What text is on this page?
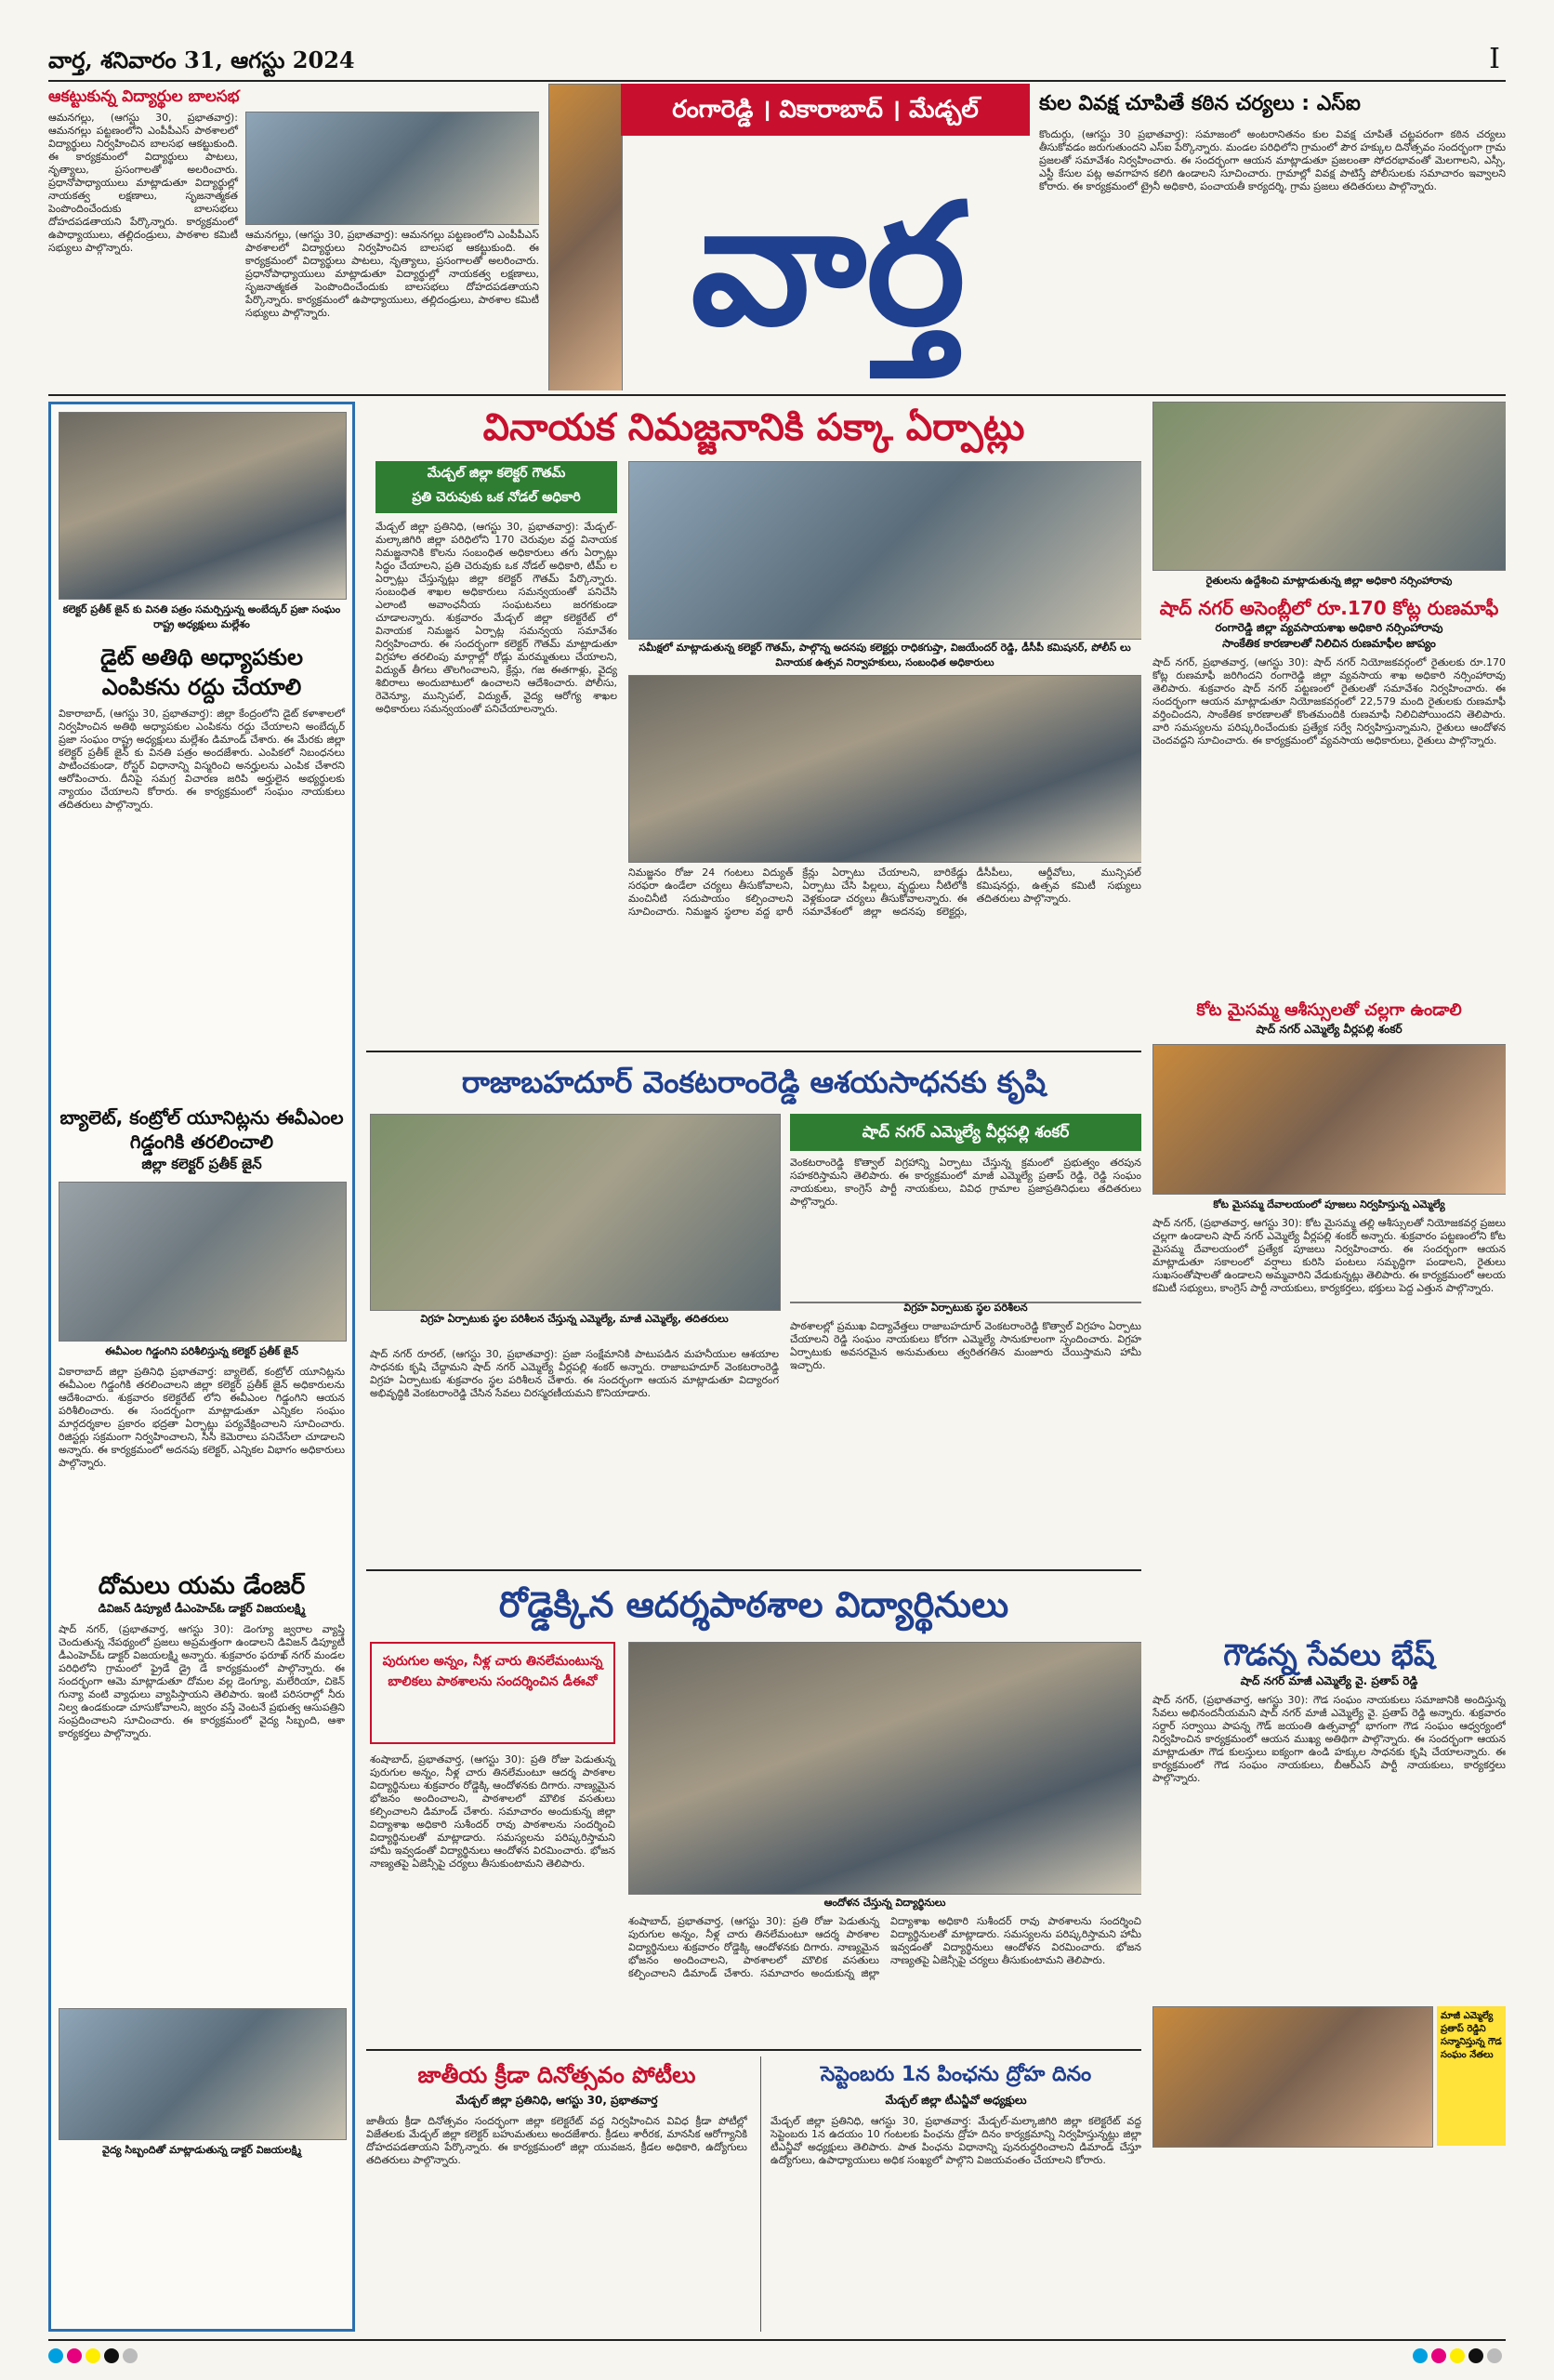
వార్త, శనివారం 31, ఆగస్టు 2024	I
ఆకట్టుకున్న విద్యార్థుల బాలసభ
ఆమనగల్లు, (ఆగస్టు 30, ప్రభాతవార్త): ఆమనగల్లు పట్టణంలోని ఎంపీపీఎస్ పాఠశాలలో విద్యార్థులు నిర్వహించిన బాలసభ ఆకట్టుకుంది. ఈ కార్యక్రమంలో విద్యార్థులు పాటలు, నృత్యాలు, ప్రసంగాలతో అలరించారు. ప్రధానోపాధ్యాయులు మాట్లాడుతూ విద్యార్థుల్లో నాయకత్వ లక్షణాలు, సృజనాత్మకత పెంపొందించేందుకు బాలసభలు దోహదపడతాయని పేర్కొన్నారు. కార్యక్రమంలో ఉపాధ్యాయులు, తల్లిదండ్రులు, పాఠశాల కమిటీ సభ్యులు పాల్గొన్నారు.
ఆమనగల్లు, (ఆగస్టు 30, ప్రభాతవార్త): ఆమనగల్లు పట్టణంలోని ఎంపీపీఎస్ పాఠశాలలో విద్యార్థులు నిర్వహించిన బాలసభ ఆకట్టుకుంది. ఈ కార్యక్రమంలో విద్యార్థులు పాటలు, నృత్యాలు, ప్రసంగాలతో అలరించారు. ప్రధానోపాధ్యాయులు మాట్లాడుతూ విద్యార్థుల్లో నాయకత్వ లక్షణాలు, సృజనాత్మకత పెంపొందించేందుకు బాలసభలు దోహదపడతాయని పేర్కొన్నారు. కార్యక్రమంలో ఉపాధ్యాయులు, తల్లిదండ్రులు, పాఠశాల కమిటీ సభ్యులు పాల్గొన్నారు.
రంగారెడ్డి । వికారాబాద్ । మేడ్చల్
వార్త
కుల వివక్ష చూపితే కఠిన చర్యలు : ఎస్ఐ
కొందుర్గు, (ఆగస్టు 30 ప్రభాతవార్త): సమాజంలో అంటరానితనం కుల వివక్ష చూపితే చట్టపరంగా కఠిన చర్యలు తీసుకోవడం జరుగుతుందని ఎస్ఐ పేర్కొన్నారు. మండల పరిధిలోని గ్రామంలో పౌర హక్కుల దినోత్సవం సందర్భంగా గ్రామ ప్రజలతో సమావేశం నిర్వహించారు. ఈ సందర్భంగా ఆయన మాట్లాడుతూ ప్రజలంతా సోదరభావంతో మెలగాలని, ఎస్సీ, ఎస్టీ కేసుల పట్ల అవగాహన కలిగి ఉండాలని సూచించారు. గ్రామాల్లో వివక్ష పాటిస్తే పోలీసులకు సమాచారం ఇవ్వాలని కోరారు. ఈ కార్యక్రమంలో ట్రైనీ అధికారి, పంచాయతీ కార్యదర్శి, గ్రామ ప్రజలు తదితరులు పాల్గొన్నారు.
కలెక్టర్ ప్రతీక్ జైన్ కు వినతి పత్రం సమర్పిస్తున్న అంబేద్కర్ ప్రజా సంఘం రాష్ట్ర అధ్యక్షులు మల్లేశం
డైట్ అతిథి అధ్యాపకుల ఎంపికను రద్దు చేయాలి
వికారాబాద్, (ఆగస్టు 30, ప్రభాతవార్త): జిల్లా కేంద్రంలోని డైట్ కళాశాలలో నిర్వహించిన అతిథి అధ్యాపకుల ఎంపికను రద్దు చేయాలని అంబేద్కర్ ప్రజా సంఘం రాష్ట్ర అధ్యక్షులు మల్లేశం డిమాండ్ చేశారు. ఈ మేరకు జిల్లా కలెక్టర్ ప్రతీక్ జైన్ కు వినతి పత్రం అందజేశారు. ఎంపికలో నిబంధనలు పాటించకుండా, రోస్టర్ విధానాన్ని విస్మరించి అనర్హులను ఎంపిక చేశారని ఆరోపించారు. దీనిపై సమగ్ర విచారణ జరిపి అర్హులైన అభ్యర్థులకు న్యాయం చేయాలని కోరారు. ఈ కార్యక్రమంలో సంఘం నాయకులు తదితరులు పాల్గొన్నారు.
బ్యాలెట్, కంట్రోల్ యూనిట్లను ఈవీఎంల గిడ్డంగికి తరలించాలి
జిల్లా కలెక్టర్ ప్రతీక్ జైన్
ఈవీఎంల గిడ్డంగిని పరిశీలిస్తున్న కలెక్టర్ ప్రతీక్ జైన్
వికారాబాద్ జిల్లా ప్రతినిధి ప్రభాతవార్త: బ్యాలెట్, కంట్రోల్ యూనిట్లను ఈవీఎంల గిడ్డంగికి తరలించాలని జిల్లా కలెక్టర్ ప్రతీక్ జైన్ అధికారులను ఆదేశించారు. శుక్రవారం కలెక్టరేట్ లోని ఈవీఎంల గిడ్డంగిని ఆయన పరిశీలించారు. ఈ సందర్భంగా మాట్లాడుతూ ఎన్నికల సంఘం మార్గదర్శకాల ప్రకారం భద్రతా ఏర్పాట్లు పర్యవేక్షించాలని సూచించారు. రిజిస్టర్లు సక్రమంగా నిర్వహించాలని, సీసీ కెమెరాలు పనిచేసేలా చూడాలని అన్నారు. ఈ కార్యక్రమంలో అదనపు కలెక్టర్, ఎన్నికల విభాగం అధికారులు పాల్గొన్నారు.
దోమలు యమ డేంజర్
డివిజన్ డిప్యూటీ డీఎంహెచ్ఓ డాక్టర్ విజయలక్ష్మి
షాద్ నగర్, (ప్రభాతవార్త, ఆగస్టు 30): డెంగ్యూ జ్వరాల వ్యాప్తి చెందుతున్న నేపథ్యంలో ప్రజలు అప్రమత్తంగా ఉండాలని డివిజన్ డిప్యూటీ డీఎంహెచ్ఓ డాక్టర్ విజయలక్ష్మి అన్నారు. శుక్రవారం ఫరూఖ్ నగర్ మండల పరిధిలోని గ్రామంలో ఫ్రైడే డ్రై డే కార్యక్రమంలో పాల్గొన్నారు. ఈ సందర్భంగా ఆమె మాట్లాడుతూ దోమల వల్ల డెంగ్యూ, మలేరియా, చికెన్ గున్యా వంటి వ్యాధులు వ్యాపిస్తాయని తెలిపారు. ఇంటి పరిసరాల్లో నీరు నిల్వ ఉండకుండా చూసుకోవాలని, జ్వరం వస్తే వెంటనే ప్రభుత్వ ఆసుపత్రిని సంప్రదించాలని సూచించారు. ఈ కార్యక్రమంలో వైద్య సిబ్బంది, ఆశా కార్యకర్తలు పాల్గొన్నారు.
వైద్య సిబ్బందితో మాట్లాడుతున్న డాక్టర్ విజయలక్ష్మి
వినాయక నిమజ్జనానికి పక్కా ఏర్పాట్లు
మేడ్చల్ జిల్లా కలెక్టర్ గౌతమ్
ప్రతి చెరువుకు ఒక నోడల్ అధికారి
సమీక్షలో మాట్లాడుతున్న కలెక్టర్ గౌతమ్, పాల్గొన్న అదనపు కలెక్టర్లు రాధికగుప్తా, విజయేందర్ రెడ్డి, డీసీపీ కమిషనర్, పోలీస్ లు వినాయక ఉత్సవ నిర్వాహకులు, సంబంధిత అధికారులు
మేడ్చల్ జిల్లా ప్రతినిధి, (ఆగస్టు 30, ప్రభాతవార్త): మేడ్చల్-మల్కాజిగిరి జిల్లా పరిధిలోని 170 చెరువుల వద్ద వినాయక నిమజ్జనానికి కొలను సంబంధిత అధికారులు తగు ఏర్పాట్లు సిద్ధం చేయాలని, ప్రతి చెరువుకు ఒక నోడల్ అధికారి, టీమ్ ల ఏర్పాట్లు చేస్తున్నట్లు జిల్లా కలెక్టర్ గౌతమ్ పేర్కొన్నారు. సంబంధిత శాఖల అధికారులు సమన్వయంతో పనిచేసి ఎలాంటి అవాంఛనీయ సంఘటనలు జరగకుండా చూడాలన్నారు. శుక్రవారం మేడ్చల్ జిల్లా కలెక్టరేట్ లో వినాయక నిమజ్జన ఏర్పాట్ల సమన్వయ సమావేశం నిర్వహించారు. ఈ సందర్భంగా కలెక్టర్ గౌతమ్ మాట్లాడుతూ విగ్రహాల తరలింపు మార్గాల్లో రోడ్లు మరమ్మతులు చేయాలని, విద్యుత్ తీగలు తొలగించాలని, క్రేన్లు, గజ ఈతగాళ్లు, వైద్య శిబిరాలు అందుబాటులో ఉంచాలని ఆదేశించారు. పోలీసు, రెవెన్యూ, మున్సిపల్, విద్యుత్, వైద్య ఆరోగ్య శాఖల అధికారులు సమన్వయంతో పనిచేయాలన్నారు.
నిమజ్జనం రోజు 24 గంటలు విద్యుత్ సరఫరా ఉండేలా చర్యలు తీసుకోవాలని, మంచినీటి సదుపాయం కల్పించాలని సూచించారు. నిమజ్జన స్థలాల వద్ద భారీ క్రేన్లు ఏర్పాటు చేయాలని, బారికేడ్లు ఏర్పాటు చేసి పిల్లలు, వృద్ధులు నీటిలోకి వెళ్లకుండా చర్యలు తీసుకోవాలన్నారు. ఈ సమావేశంలో జిల్లా అదనపు కలెక్టర్లు, డీసీపీలు, ఆర్డీవోలు, మున్సిపల్ కమిషనర్లు, ఉత్సవ కమిటీ సభ్యులు తదితరులు పాల్గొన్నారు.
రైతులను ఉద్దేశించి మాట్లాడుతున్న జిల్లా అధికారి నర్సింహారావు
షాద్ నగర్ అసెంబ్లీలో రూ.170 కోట్ల రుణమాఫీ
రంగారెడ్డి జిల్లా వ్యవసాయశాఖ అధికారి నర్సింహారావు
సాంకేతిక కారణాలతో నిలిచిన రుణమాఫీల జాప్యం
షాద్ నగర్, ప్రభాతవార్త, (ఆగస్టు 30): షాద్ నగర్ నియోజకవర్గంలో రైతులకు రూ.170 కోట్ల రుణమాఫీ జరిగిందని రంగారెడ్డి జిల్లా వ్యవసాయ శాఖ అధికారి నర్సింహారావు తెలిపారు. శుక్రవారం షాద్ నగర్ పట్టణంలో రైతులతో సమావేశం నిర్వహించారు. ఈ సందర్భంగా ఆయన మాట్లాడుతూ నియోజకవర్గంలో 22,579 మంది రైతులకు రుణమాఫీ వర్తించిందని, సాంకేతిక కారణాలతో కొంతమందికి రుణమాఫీ నిలిచిపోయిందని తెలిపారు. వారి సమస్యలను పరిష్కరించేందుకు ప్రత్యేక సర్వే నిర్వహిస్తున్నామని, రైతులు ఆందోళన చెందవద్దని సూచించారు. ఈ కార్యక్రమంలో వ్యవసాయ అధికారులు, రైతులు పాల్గొన్నారు.
కోట మైసమ్మ ఆశీస్సులతో చల్లగా ఉండాలి
షాద్ నగర్ ఎమ్మెల్యే వీర్లపల్లి శంకర్
కోట మైసమ్మ దేవాలయంలో పూజలు నిర్వహిస్తున్న ఎమ్మెల్యే
షాద్ నగర్, (ప్రభాతవార్త, ఆగస్టు 30): కోట మైసమ్మ తల్లి ఆశీస్సులతో నియోజకవర్గ ప్రజలు చల్లగా ఉండాలని షాద్ నగర్ ఎమ్మెల్యే వీర్లపల్లి శంకర్ అన్నారు. శుక్రవారం పట్టణంలోని కోట మైసమ్మ దేవాలయంలో ప్రత్యేక పూజలు నిర్వహించారు. ఈ సందర్భంగా ఆయన మాట్లాడుతూ సకాలంలో వర్షాలు కురిసి పంటలు సమృద్ధిగా పండాలని, రైతులు సుఖసంతోషాలతో ఉండాలని అమ్మవారిని వేడుకున్నట్లు తెలిపారు. ఈ కార్యక్రమంలో ఆలయ కమిటీ సభ్యులు, కాంగ్రెస్ పార్టీ నాయకులు, కార్యకర్తలు, భక్తులు పెద్ద ఎత్తున పాల్గొన్నారు.
గౌడన్న సేవలు భేష్
షాద్ నగర్ మాజీ ఎమ్మెల్యే వై. ప్రతాప్ రెడ్డి
షాద్ నగర్, (ప్రభాతవార్త, ఆగస్టు 30): గౌడ సంఘం నాయకులు సమాజానికి అందిస్తున్న సేవలు అభినందనీయమని షాద్ నగర్ మాజీ ఎమ్మెల్యే వై. ప్రతాప్ రెడ్డి అన్నారు. శుక్రవారం సర్దార్ సర్వాయి పాపన్న గౌడ్ జయంతి ఉత్సవాల్లో భాగంగా గౌడ సంఘం ఆధ్వర్యంలో నిర్వహించిన కార్యక్రమంలో ఆయన ముఖ్య అతిథిగా పాల్గొన్నారు. ఈ సందర్భంగా ఆయన మాట్లాడుతూ గౌడ కులస్తులు ఐక్యంగా ఉండి హక్కుల సాధనకు కృషి చేయాలన్నారు. ఈ కార్యక్రమంలో గౌడ సంఘం నాయకులు, బీఆర్ఎస్ పార్టీ నాయకులు, కార్యకర్తలు పాల్గొన్నారు.
మాజీ ఎమ్మెల్యే ప్రతాప్ రెడ్డిని సన్మానిస్తున్న గౌడ సంఘం నేతలు
రాజాబహదూర్ వెంకటరాంరెడ్డి ఆశయసాధనకు కృషి
విగ్రహ ఏర్పాటుకు స్థల పరిశీలన చేస్తున్న ఎమ్మెల్యే, మాజీ ఎమ్మెల్యే, తదితరులు
షాద్ నగర్ ఎమ్మెల్యే వీర్లపల్లి శంకర్
వెంకటరాంరెడ్డి కొత్వాల్ విగ్రహాన్ని ఏర్పాటు చేస్తున్న క్రమంలో ప్రభుత్వం తరపున సహకరిస్తామని తెలిపారు. ఈ కార్యక్రమంలో మాజీ ఎమ్మెల్యే ప్రతాప్ రెడ్డి, రెడ్డి సంఘం నాయకులు, కాంగ్రెస్ పార్టీ నాయకులు, వివిధ గ్రామాల ప్రజాప్రతినిధులు తదితరులు పాల్గొన్నారు.
విగ్రహ ఏర్పాటుకు స్థల పరిశీలన
షాద్ నగర్ రూరల్, (ఆగస్టు 30, ప్రభాతవార్త): ప్రజా సంక్షేమానికి పాటుపడిన మహనీయుల ఆశయాల సాధనకు కృషి చేద్దామని షాద్ నగర్ ఎమ్మెల్యే వీర్లపల్లి శంకర్ అన్నారు. రాజాబహదూర్ వెంకటరాంరెడ్డి విగ్రహ ఏర్పాటుకు శుక్రవారం స్థల పరిశీలన చేశారు. ఈ సందర్భంగా ఆయన మాట్లాడుతూ విద్యారంగ అభివృద్ధికి వెంకటరాంరెడ్డి చేసిన సేవలు చిరస్మరణీయమని కొనియాడారు.
పాఠశాలల్లో ప్రముఖ విద్యావేత్తలు రాజాబహదూర్ వెంకటరాంరెడ్డి కొత్వాల్ విగ్రహం ఏర్పాటు చేయాలని రెడ్డి సంఘం నాయకులు కోరగా ఎమ్మెల్యే సానుకూలంగా స్పందించారు. విగ్రహ ఏర్పాటుకు అవసరమైన అనుమతులు త్వరితగతిన మంజూరు చేయిస్తామని హామీ ఇచ్చారు.
రోడ్డెక్కిన ఆదర్శపాఠశాల విద్యార్థినులు
పురుగుల అన్నం, నీళ్ల చారు తినలేమంటున్న బాలికలు పాఠశాలను సందర్శించిన డీఈవో
ఆందోళన చేస్తున్న విద్యార్థినులు
శంషాబాద్, ప్రభాతవార్త, (ఆగస్టు 30): ప్రతి రోజు పెడుతున్న పురుగుల అన్నం, నీళ్ల చారు తినలేమంటూ ఆదర్శ పాఠశాల విద్యార్థినులు శుక్రవారం రోడ్డెక్కి ఆందోళనకు దిగారు. నాణ్యమైన భోజనం అందించాలని, పాఠశాలలో మౌలిక వసతులు కల్పించాలని డిమాండ్ చేశారు. సమాచారం అందుకున్న జిల్లా విద్యాశాఖ అధికారి సుశీందర్ రావు పాఠశాలను సందర్శించి విద్యార్థినులతో మాట్లాడారు. సమస్యలను పరిష్కరిస్తామని హామీ ఇవ్వడంతో విద్యార్థినులు ఆందోళన విరమించారు. భోజన నాణ్యతపై ఏజెన్సీపై చర్యలు తీసుకుంటామని తెలిపారు.
శంషాబాద్, ప్రభాతవార్త, (ఆగస్టు 30): ప్రతి రోజు పెడుతున్న పురుగుల అన్నం, నీళ్ల చారు తినలేమంటూ ఆదర్శ పాఠశాల విద్యార్థినులు శుక్రవారం రోడ్డెక్కి ఆందోళనకు దిగారు. నాణ్యమైన భోజనం అందించాలని, పాఠశాలలో మౌలిక వసతులు కల్పించాలని డిమాండ్ చేశారు. సమాచారం అందుకున్న జిల్లా విద్యాశాఖ అధికారి సుశీందర్ రావు పాఠశాలను సందర్శించి విద్యార్థినులతో మాట్లాడారు. సమస్యలను పరిష్కరిస్తామని హామీ ఇవ్వడంతో విద్యార్థినులు ఆందోళన విరమించారు. భోజన నాణ్యతపై ఏజెన్సీపై చర్యలు తీసుకుంటామని తెలిపారు.
జాతీయ క్రీడా దినోత్సవం పోటీలు
మేడ్చల్ జిల్లా ప్రతినిధి, ఆగస్టు 30, ప్రభాతవార్త
జాతీయ క్రీడా దినోత్సవం సందర్భంగా జిల్లా కలెక్టరేట్ వద్ద నిర్వహించిన వివిధ క్రీడా పోటీల్లో విజేతలకు మేడ్చల్ జిల్లా కలెక్టర్ బహుమతులు అందజేశారు. క్రీడలు శారీరక, మానసిక ఆరోగ్యానికి దోహదపడతాయని పేర్కొన్నారు. ఈ కార్యక్రమంలో జిల్లా యువజన, క్రీడల అధికారి, ఉద్యోగులు తదితరులు పాల్గొన్నారు.
సెప్టెంబరు 1న పింఛను ద్రోహ దినం
మేడ్చల్ జిల్లా టీఎన్జీవో అధ్యక్షులు
మేడ్చల్ జిల్లా ప్రతినిధి, ఆగస్టు 30, ప్రభాతవార్త: మేడ్చల్-మల్కాజిగిరి జిల్లా కలెక్టరేట్ వద్ద సెప్టెంబరు 1న ఉదయం 10 గంటలకు పింఛను ద్రోహ దినం కార్యక్రమాన్ని నిర్వహిస్తున్నట్లు జిల్లా టీఎన్జీవో అధ్యక్షులు తెలిపారు. పాత పింఛను విధానాన్ని పునరుద్ధరించాలని డిమాండ్ చేస్తూ ఉద్యోగులు, ఉపాధ్యాయులు అధిక సంఖ్యలో పాల్గొని విజయవంతం చేయాలని కోరారు.
